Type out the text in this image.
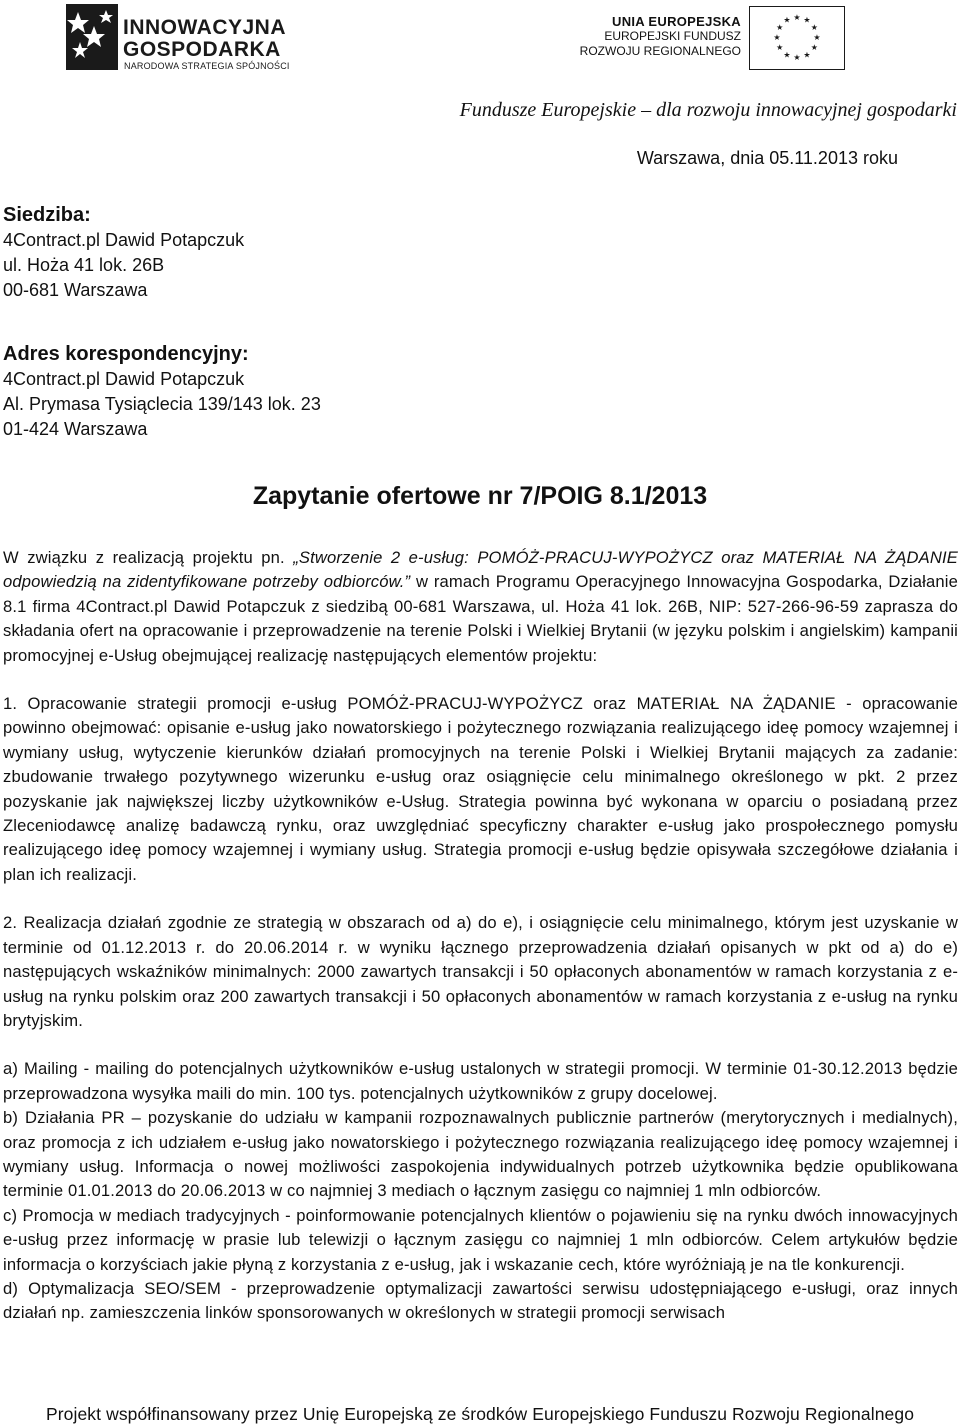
INNOWACYJNA
GOSPODARKA
NARODOWA STRATEGIA SPÓJNOŚCI
UNIA EUROPEJSKA
EUROPEJSKI FUNDUSZ
ROZWOJU REGIONALNEGO
★ ★
★
★
★
★
★
★
★
★
★
★
Fundusze Europejskie – dla rozwoju innowacyjnej gospodarki
Warszawa, dnia 05.11.2013 roku
Siedziba:
4Contract.pl Dawid Potapczuk
ul. Hoża 41 lok. 26B
00-681 Warszawa
Adres korespondencyjny:
4Contract.pl Dawid Potapczuk
Al. Prymasa Tysiąclecia 139/143 lok. 23
01-424 Warszawa
Zapytanie ofertowe nr 7/POIG 8.1/2013

W związku z realizacją projektu pn. „Stworzenie 2 e-usług: POMÓŻ-PRACUJ-WYPOŻYCZ oraz MATERIAŁ NA ŻĄDANIE odpowiedzią na zidentyfikowane potrzeby odbiorców.” w ramach Programu Operacyjnego Innowacyjna Gospodarka, Działanie 8.1 firma 4Contract.pl Dawid Potapczuk z siedzibą 00-681 Warszawa, ul. Hoża 41 lok. 26B, NIP: 527-266-96-59 zaprasza do składania ofert na opracowanie i przeprowadzenie na terenie Polski i Wielkiej Brytanii (w języku polskim i angielskim) kampanii promocyjnej e-Usług obejmującej realizację następujących elementów projektu:

1. Opracowanie strategii promocji e-usług POMÓŻ-PRACUJ-WYPOŻYCZ oraz MATERIAŁ NA ŻĄDANIE - opracowanie powinno obejmować: opisanie e-usług jako nowatorskiego i pożytecznego rozwiązania realizującego ideę pomocy wzajemnej i wymiany usług, wytyczenie kierunków działań promocyjnych na terenie Polski i Wielkiej Brytanii mających za zadanie: zbudowanie trwałego pozytywnego wizerunku e-usług oraz osiągnięcie celu minimalnego określonego w pkt. 2 przez pozyskanie jak największej liczby użytkowników e-Usług. Strategia powinna być wykonana w oparciu o posiadaną przez Zleceniodawcę analizę badawczą rynku, oraz uwzględniać specyficzny charakter e-usług jako prospołecznego pomysłu realizującego ideę pomocy wzajemnej i wymiany usług. Strategia promocji e-usług będzie opisywała szczegółowe działania i plan ich realizacji.

2. Realizacja działań zgodnie ze strategią w obszarach od a) do e), i osiągnięcie celu minimalnego, którym jest uzyskanie w terminie od 01.12.2013 r. do 20.06.2014 r. w wyniku łącznego przeprowadzenia działań opisanych w pkt od a) do e) następujących wskaźników minimalnych: 2000 zawartych transakcji i 50 opłaconych abonamentów w ramach korzystania z e-usług na rynku polskim oraz 200 zawartych transakcji i 50 opłaconych abonamentów w ramach korzystania z e-usług na rynku brytyjskim.

a) Mailing - mailing do potencjalnych użytkowników e-usług ustalonych w strategii promocji. W terminie 01-30.12.2013 będzie przeprowadzona wysyłka maili do min. 100 tys. potencjalnych użytkowników z grupy docelowej.

b) Działania PR – pozyskanie do udziału w kampanii rozpoznawalnych publicznie partnerów (merytorycznych i medialnych), oraz promocja z ich udziałem e-usług jako nowatorskiego i pożytecznego rozwiązania realizującego ideę pomocy wzajemnej i wymiany usług. Informacja o nowej możliwości zaspokojenia indywidualnych potrzeb użytkownika będzie opublikowana terminie 01.01.2013 do 20.06.2013 w co najmniej 3 mediach o łącznym zasięgu co najmniej 1 mln odbiorców.

c) Promocja w mediach tradycyjnych - poinformowanie potencjalnych klientów o pojawieniu się na rynku dwóch innowacyjnych e-usług przez informację w prasie lub telewizji o łącznym zasięgu co najmniej 1 mln odbiorców. Celem artykułów będzie informacja o korzyściach jakie płyną z korzystania z e-usług, jak i wskazanie cech, które wyróżniają je na tle konkurencji.

d) Optymalizacja SEO/SEM - przeprowadzenie optymalizacji zawartości serwisu udostępniającego e-usługi, oraz innych działań np. zamieszczenia linków sponsorowanych w określonych w strategii promocji serwisach

Projekt współfinansowany przez Unię Europejską ze środków Europejskiego Funduszu Rozwoju Regionalnego
